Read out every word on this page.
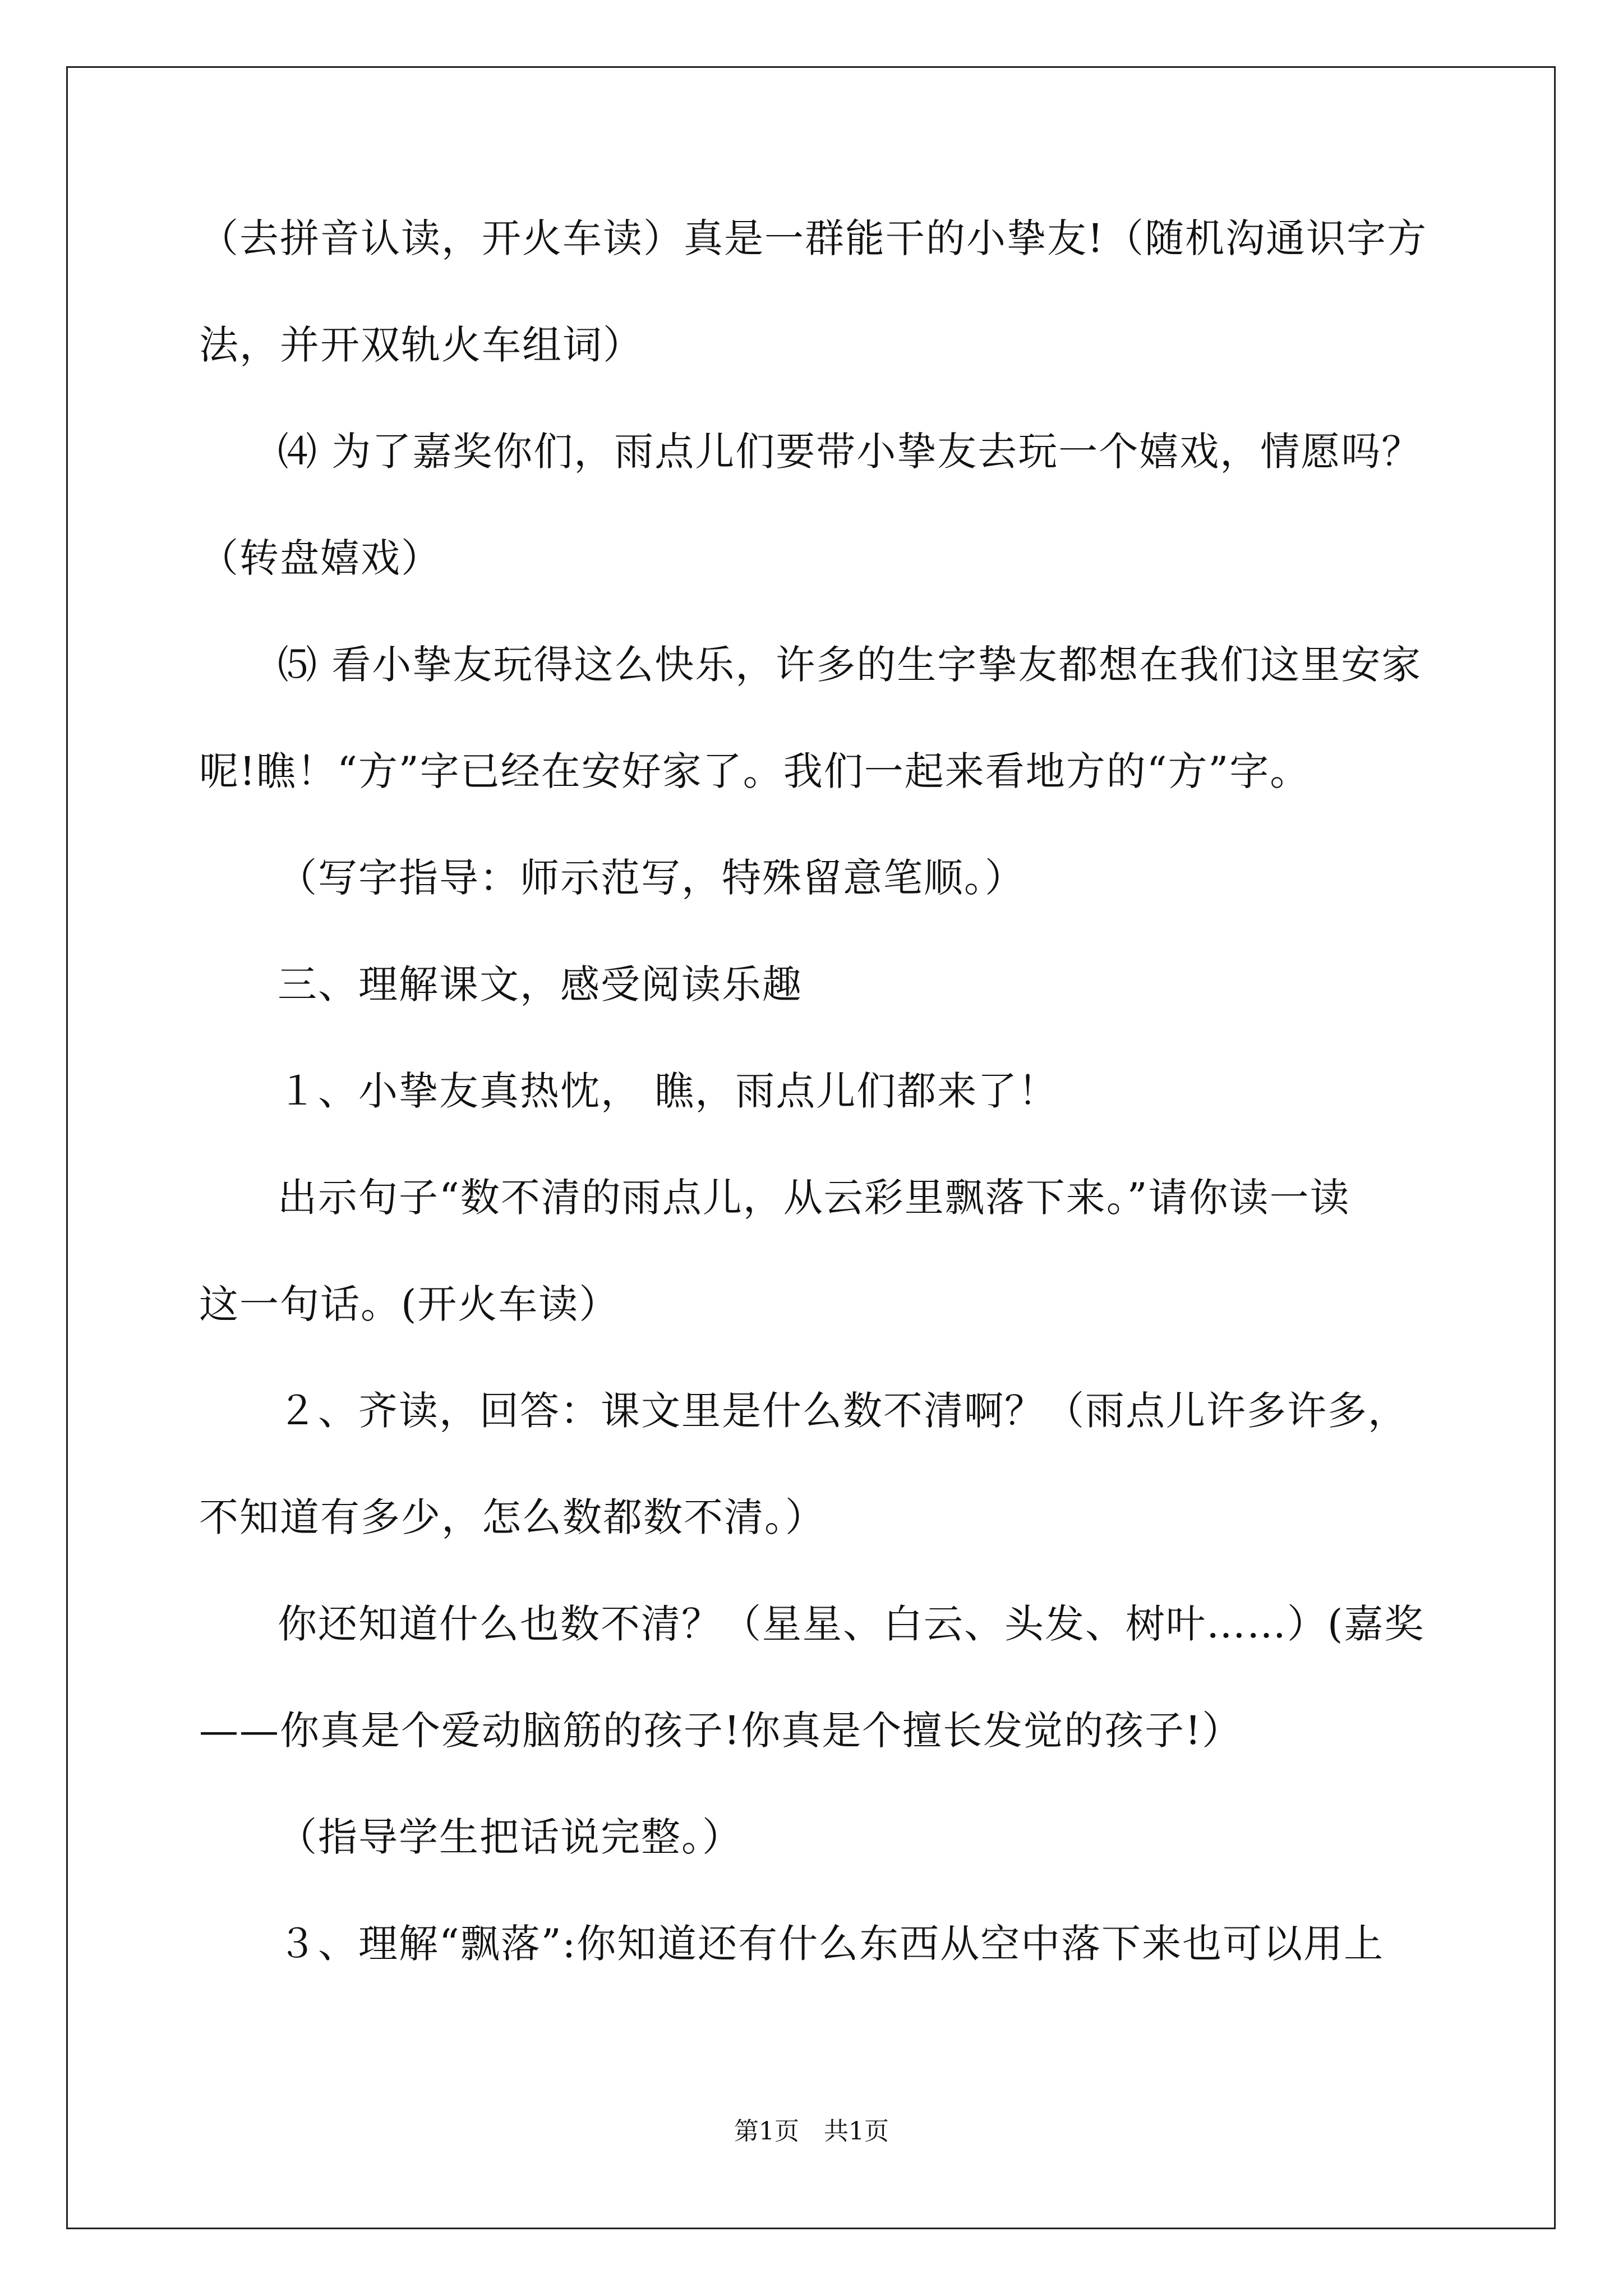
（去拼音认读，开火车读）真是一群能干的小挚友!（随机沟通识字方
法，并开双轨火车组词）
⑷ 为了嘉奖你们，雨点儿们要带小挚友去玩一个嬉戏，情愿吗？
（转盘嬉戏）
⑸ 看小挚友玩得这么快乐，许多的生字挚友都想在我们这里安家
呢!瞧！“方”字已经在安好家了。我们一起来看地方的“方”字。
（写字指导：师示范写，特殊留意笔顺。）
三、理解课文，感受阅读乐趣
１、小挚友真热忱， 瞧，雨点儿们都来了！
出示句子“数不清的雨点儿，从云彩里飘落下来。”请你读一读
这一句话。(开火车读）
２、齐读，回答：课文里是什么数不清啊？（雨点儿许多许多，
不知道有多少，怎么数都数不清。）
你还知道什么也数不清？（星星、白云、头发、树叶……）(嘉奖
——你真是个爱动脑筋的孩子!你真是个擅长发觉的孩子!）
（指导学生把话说完整。）
３、理解“飘落”:你知道还有什么东西从空中落下来也可以用上
第1页　共1页
